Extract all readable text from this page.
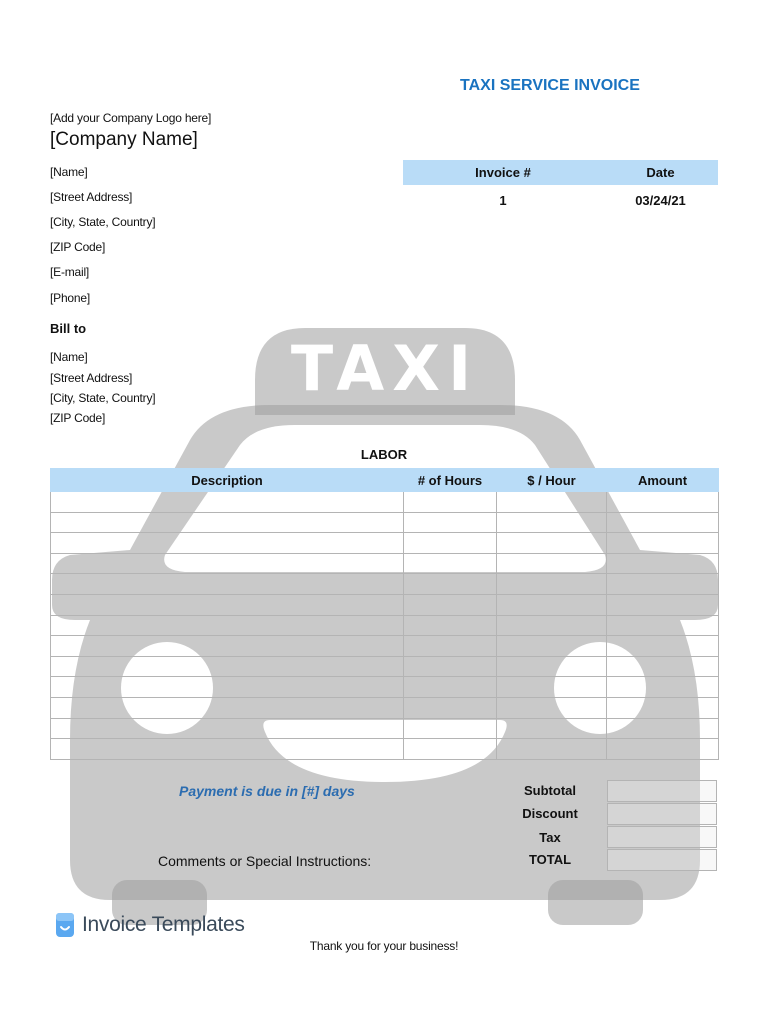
TAXI
TAXI SERVICE INVOICE
[Add your Company Logo here]
[Company Name]
[Name]
[Street Address]
[City, State, Country]
[ZIP Code]
[E-mail]
[Phone]
Invoice #	Date
1	03/24/21
Bill to
[Name]
[Street Address]
[City, State, Country]
[ZIP Code]
LABOR
Description	# of Hours	$ / Hour	Amount

Payment is due in [#] days
Comments or Special Instructions:
Subtotal
Discount
Tax
TOTAL
Invoice Templates
Thank you for your business!
